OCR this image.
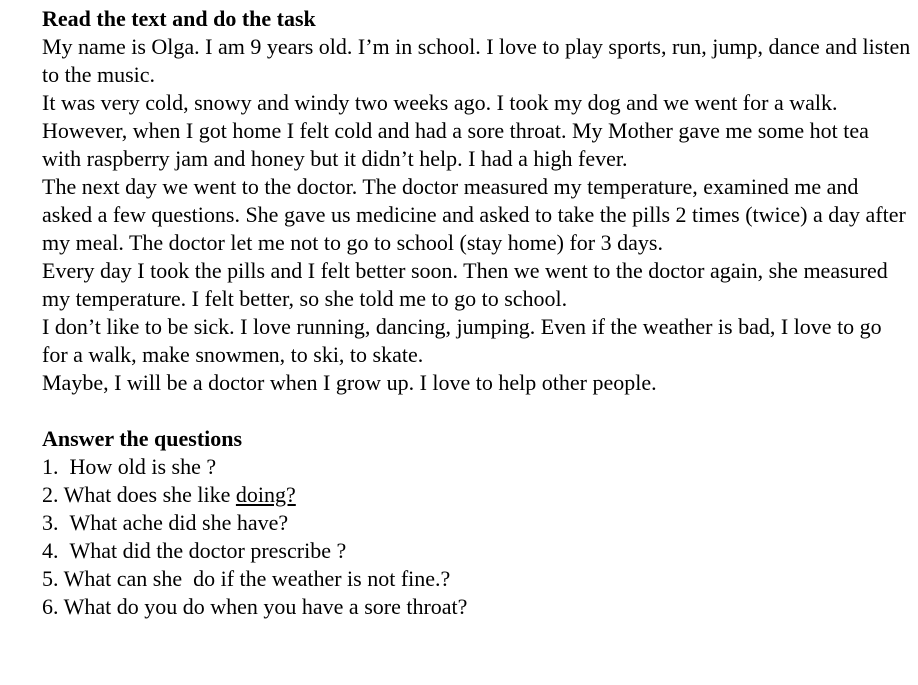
Read the text and do the task

My name is Olga. I am 9 years old. I’m in school. I love to play sports, run, jump, dance and listen to the music.

It was very cold, snowy and windy two weeks ago. I took my dog and we went for a walk. However, when I got home I felt cold and had a sore throat. My Mother gave me some hot tea with raspberry jam and honey but it didn’t help. I had a high fever.

The next day we went to the doctor. The doctor measured my temperature, examined me and asked a few questions. She gave us medicine and asked to take the pills 2 times (twice) a day after my meal. The doctor let me not to go to school (stay home) for 3 days.

Every day I took the pills and I felt better soon. Then we went to the doctor again, she measured my temperature. I felt better, so she told me to go to school.

I don’t like to be sick. I love running, dancing, jumping. Even if the weather is bad, I love to go for a walk, make snowmen, to ski, to skate.

Maybe, I will be a doctor when I grow up. I love to help other people.

Answer the questions
1. How old is she ?
2. What does she like doing?
3. What ache did she have?
4. What did the doctor prescribe ?
5. What can she  do if the weather is not fine.?
6. What do you do when you have a sore throat?
